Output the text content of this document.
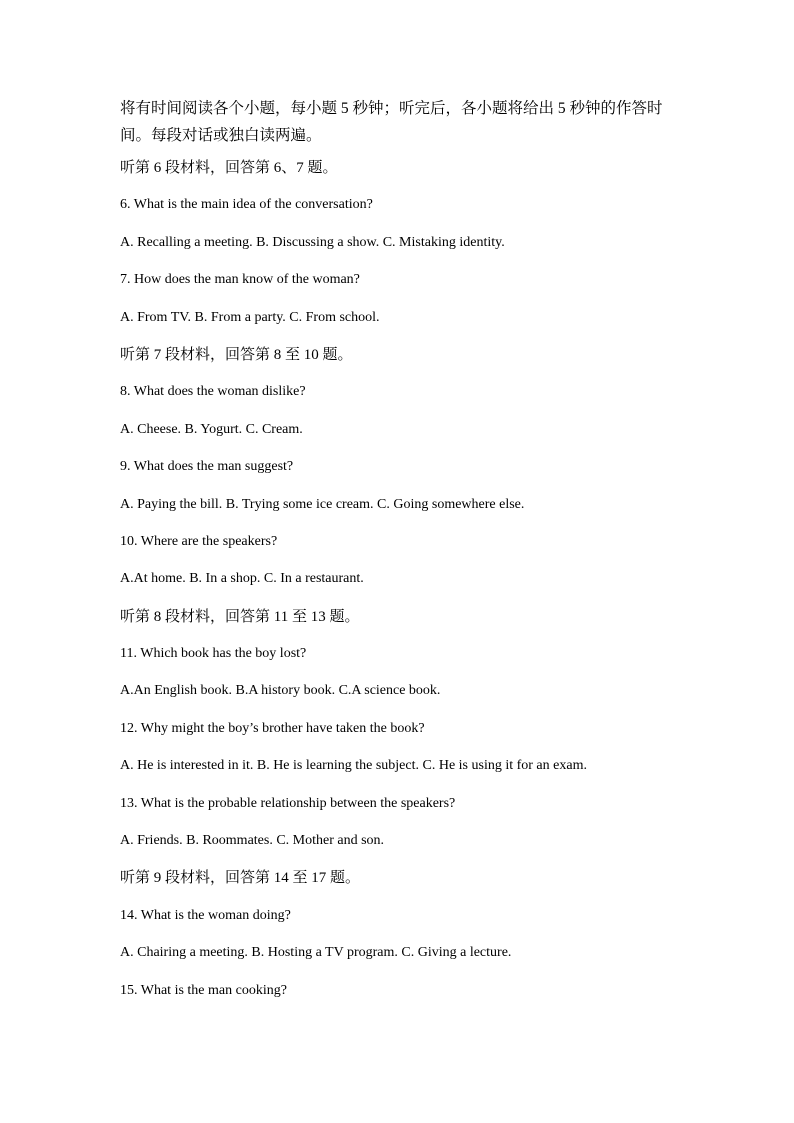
将有时间阅读各个小题，每小题 5 秒钟；听完后，各小题将给出 5 秒钟的作答时间。每段对话或独白读两遍。
听第 6 段材料，回答第 6、7 题。
6. What is the main idea of the conversation?
A. Recalling a meeting. B. Discussing a show. C. Mistaking identity.
7. How does the man know of the woman?
A. From TV. B. From a party. C. From school.
听第 7 段材料，回答第 8 至 10 题。
8. What does the woman dislike?
A. Cheese. B. Yogurt. C. Cream.
9. What does the man suggest?
A. Paying the bill. B. Trying some ice cream. C. Going somewhere else.
10. Where are the speakers?
A.At home. B. In a shop. C. In a restaurant.
听第 8 段材料，回答第 11 至 13 题。
11. Which book has the boy lost?
A.An English book. B.A history book. C.A science book.
12. Why might the boy’s brother have taken the book?
A. He is interested in it. B. He is learning the subject. C. He is using it for an exam.
13. What is the probable relationship between the speakers?
A. Friends. B. Roommates. C. Mother and son.
听第 9 段材料，回答第 14 至 17 题。
14. What is the woman doing?
A. Chairing a meeting. B. Hosting a TV program. C. Giving a lecture.
15. What is the man cooking?
